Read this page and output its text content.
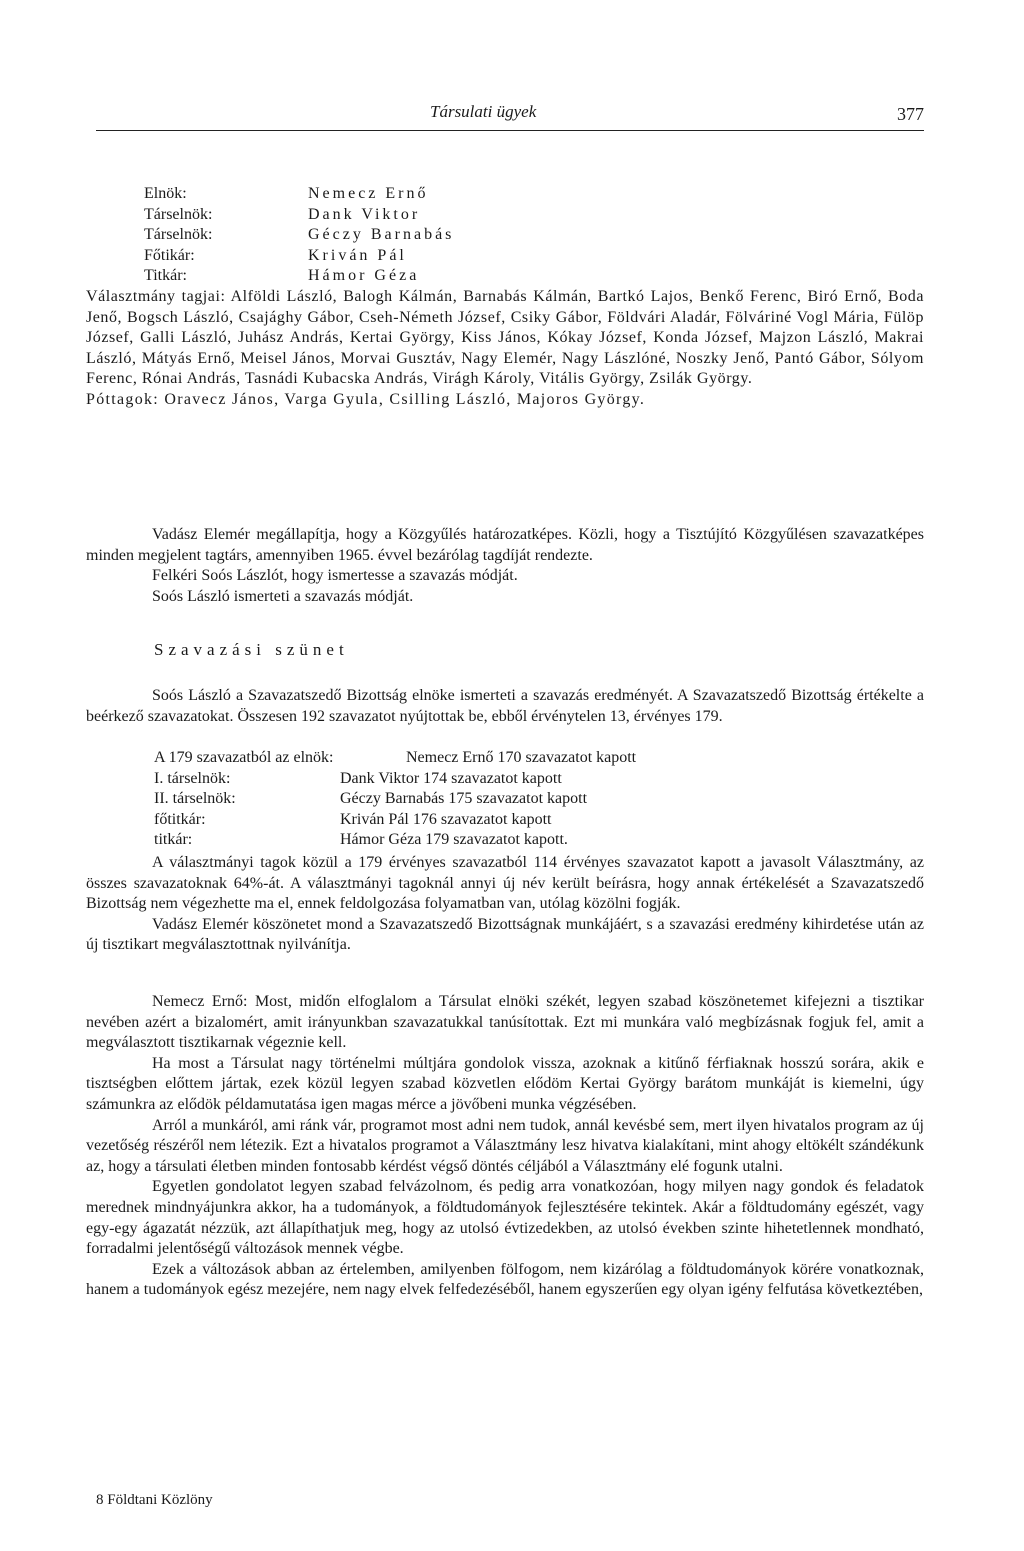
Társulati ügyek	377
Elnök:	Nemecz Ernő
Társelnök:	Dank Viktor
Társelnök:	Géczy Barnabás
Főtikár:	Kriván Pál
Titkár:	Hámor Géza

Választmány tagjai: Alföldi László, Balogh Kálmán, Barnabás Kálmán, Bartkó Lajos, Benkő Ferenc, Biró Ernő, Boda Jenő, Bogsch László, Csajághy Gábor, Cseh-Németh József, Csiky Gábor, Földvári Aladár, Fölváriné Vogl Mária, Fülöp József, Galli László, Juhász András, Kertai György, Kiss János, Kókay József, Konda József, Majzon László, Makrai László, Mátyás Ernő, Meisel János, Morvai Gusztáv, Nagy Elemér, Nagy Lászlóné, Noszky Jenő, Pantó Gábor, Sólyom Ferenc, Rónai András, Tasnádi Kubacska András, Virágh Károly, Vitális György, Zsilák György.

Póttagok: Oravecz János, Varga Gyula, Csilling László, Majoros György.

Vadász Elemér megállapítja, hogy a Közgyűlés határozatképes. Közli, hogy a Tisztújító Közgyűlésen szavazatképes minden megjelent tagtárs, amennyiben 1965. évvel bezárólag tagdíját rendezte.

Felkéri Soós Lászlót, hogy ismertesse a szavazás módját.

Soós László ismerteti a szavazás módját.

Szavazási szünet

Soós László a Szavazatszedő Bizottság elnöke ismerteti a szavazás eredményét. A Szavazatszedő Bizottság értékelte a beérkező szavazatokat. Összesen 192 szavazatot nyújtottak be, ebből érvénytelen 13, érvényes 179.

A 179 szavazatból az elnök:	Nemecz Ernő 170 szavazatot kapott
I. társelnök:	Dank Viktor 174 szavazatot kapott
II. társelnök:	Géczy Barnabás 175 szavazatot kapott
főtitkár:	Kriván Pál 176 szavazatot kapott
titkár:	Hámor Géza 179 szavazatot kapott.

A választmányi tagok közül a 179 érvényes szavazatból 114 érvényes szavazatot kapott a javasolt Választmány, az összes szavazatoknak 64%-át. A választmányi tagoknál annyi új név került beírásra, hogy annak értékelését a Szavazatszedő Bizottság nem végezhette ma el, ennek feldolgozása folyamatban van, utólag közölni fogják.

Vadász Elemér köszönetet mond a Szavazatszedő Bizottságnak munkájáért, s a szavazási eredmény kihirdetése után az új tisztikart megválasztottnak nyilvánítja.

Nemecz Ernő: Most, midőn elfoglalom a Társulat elnöki székét, legyen szabad köszönetemet kifejezni a tisztikar nevében azért a bizalomért, amit irányunkban szavazatukkal tanúsítottak. Ezt mi munkára való megbízásnak fogjuk fel, amit a megválasztott tisztikarnak végeznie kell.

Ha most a Társulat nagy történelmi múltjára gondolok vissza, azoknak a kitűnő férfiaknak hosszú sorára, akik e tisztségben előttem jártak, ezek közül legyen szabad közvetlen elődöm Kertai György barátom munkáját is kiemelni, úgy számunkra az elődök példamutatása igen magas mérce a jövőbeni munka végzésében.

Arról a munkáról, ami ránk vár, programot most adni nem tudok, annál kevésbé sem, mert ilyen hivatalos program az új vezetőség részéről nem létezik. Ezt a hivatalos programot a Választmány lesz hivatva kialakítani, mint ahogy eltökélt szándékunk az, hogy a társulati életben minden fontosabb kérdést végső döntés céljából a Választmány elé fogunk utalni.

Egyetlen gondolatot legyen szabad felvázolnom, és pedig arra vonatkozóan, hogy milyen nagy gondok és feladatok merednek mindnyájunkra akkor, ha a tudományok, a földtudományok fejlesztésére tekintek. Akár a földtudomány egészét, vagy egy-egy ágazatát nézzük, azt állapíthatjuk meg, hogy az utolsó évtizedekben, az utolsó években szinte hihetetlennek mondható, forradalmi jelentőségű változások mennek végbe.

Ezek a változások abban az értelemben, amilyenben fölfogom, nem kizárólag a földtudományok körére vonatkoznak, hanem a tudományok egész mezejére, nem nagy elvek felfedezéséből, hanem egyszerűen egy olyan igény felfutása következtében,

8 Földtani Közlöny
